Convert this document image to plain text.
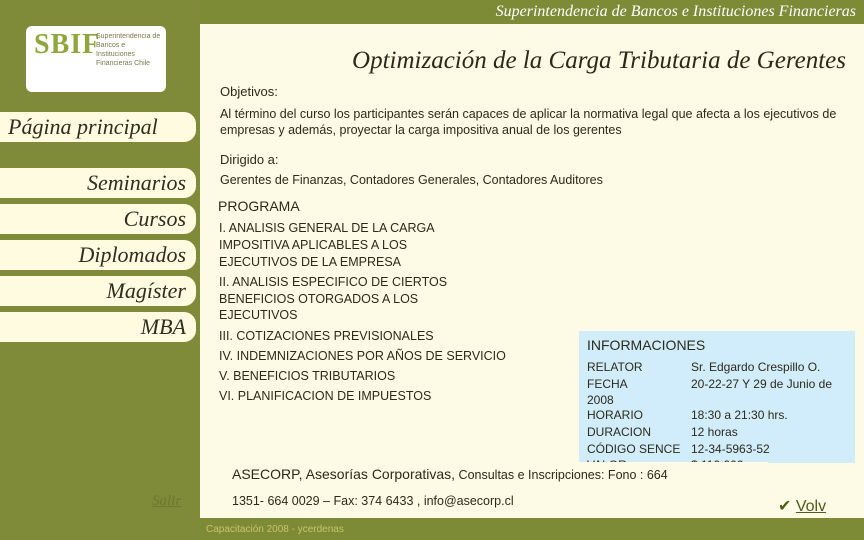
Superintendencia de Bancos e Instituciones Financieras
SBIF
Superintendencia de Bancos e Instituciones Financieras Chile
Página principal
Seminarios
Cursos
Diplomados
Magíster
MBA
Salir
Optimización de la Carga Tributaria de Gerentes
Objetivos:
Al término del curso los participantes serán capaces de aplicar la normativa legal que afecta a los ejecutivos de empresas y además, proyectar la carga impositiva anual de los gerentes
Dirigido a:
Gerentes de Finanzas, Contadores Generales, Contadores Auditores
PROGRAMA
I. ANALISIS GENERAL DE LA CARGA
IMPOSITIVA APLICABLES A LOS
EJECUTIVOS DE LA EMPRESA
II. ANALISIS ESPECIFICO DE CIERTOS
BENEFICIOS OTORGADOS A LOS
EJECUTIVOS
III. COTIZACIONES PREVISIONALES
IV. INDEMNIZACIONES POR AÑOS DE SERVICIO
V. BENEFICIOS TRIBUTARIOS
VI. PLANIFICACION DE IMPUESTOS
INFORMACIONES
RELATOR	Sr. Edgardo Crespillo O.
FECHA	20-22-27 Y 29 de Junio de
2008
HORARIO	18:30 a 21:30 hrs.
DURACION	12 horas
CÓDIGO SENCE 12-34-5963-52
ASECORP, Asesorías Corporativas, Consultas e Inscripciones: Fono : 664
1351- 664 0029 – Fax: 374 6433 , info@asecorp.cl	✔ Volv
Capacitación 2008 - ycerdenas
